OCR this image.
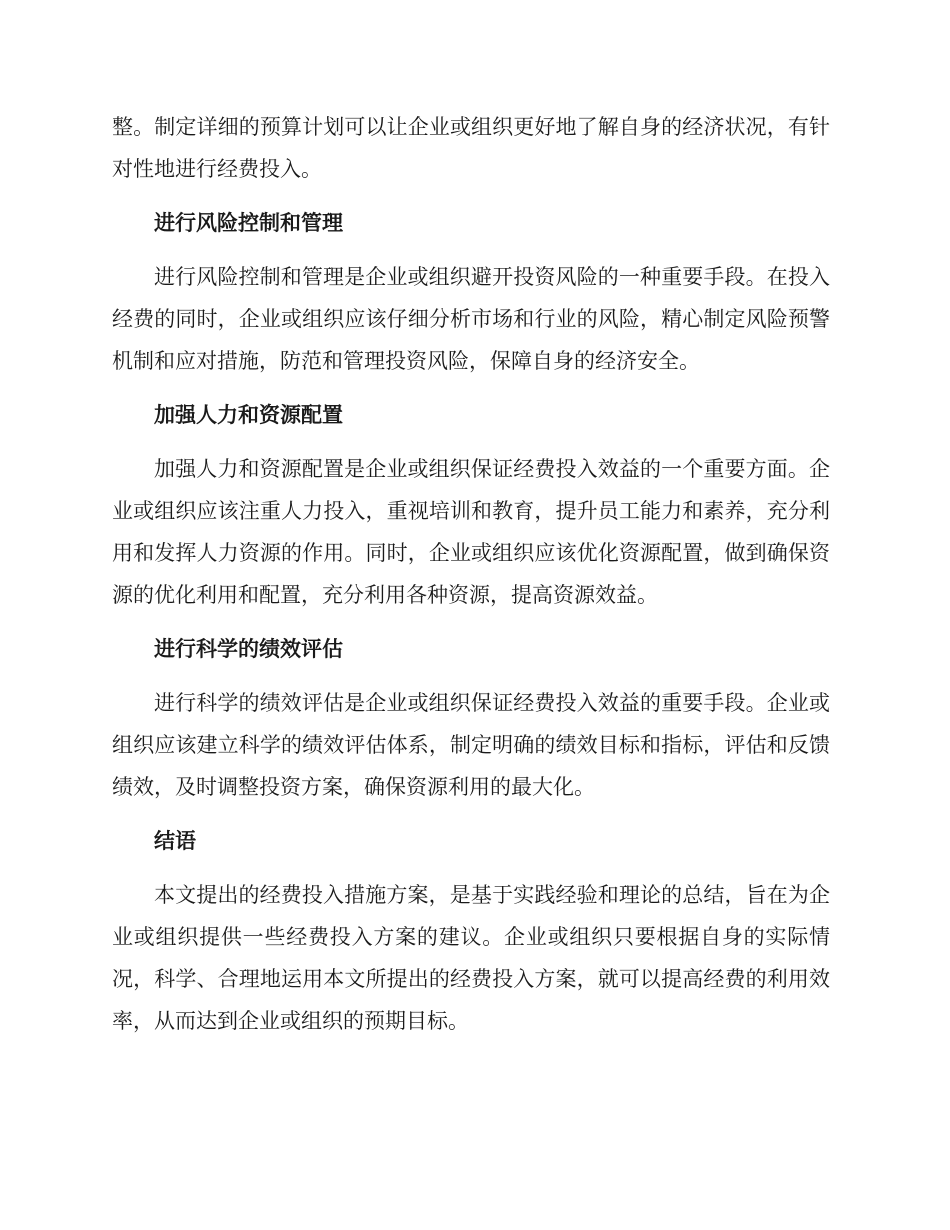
整。制定详细的预算计划可以让企业或组织更好地了解自身的经济状况，有针对性地进行经费投入。

进行风险控制和管理

进行风险控制和管理是企业或组织避开投资风险的一种重要手段。在投入经费的同时，企业或组织应该仔细分析市场和行业的风险，精心制定风险预警机制和应对措施，防范和管理投资风险，保障自身的经济安全。

加强人力和资源配置

加强人力和资源配置是企业或组织保证经费投入效益的一个重要方面。企业或组织应该注重人力投入，重视培训和教育，提升员工能力和素养，充分利用和发挥人力资源的作用。同时，企业或组织应该优化资源配置，做到确保资源的优化利用和配置，充分利用各种资源，提高资源效益。

进行科学的绩效评估

进行科学的绩效评估是企业或组织保证经费投入效益的重要手段。企业或组织应该建立科学的绩效评估体系，制定明确的绩效目标和指标，评估和反馈绩效，及时调整投资方案，确保资源利用的最大化。

结语

本文提出的经费投入措施方案，是基于实践经验和理论的总结，旨在为企业或组织提供一些经费投入方案的建议。企业或组织只要根据自身的实际情况，科学、合理地运用本文所提出的经费投入方案，就可以提高经费的利用效率，从而达到企业或组织的预期目标。
